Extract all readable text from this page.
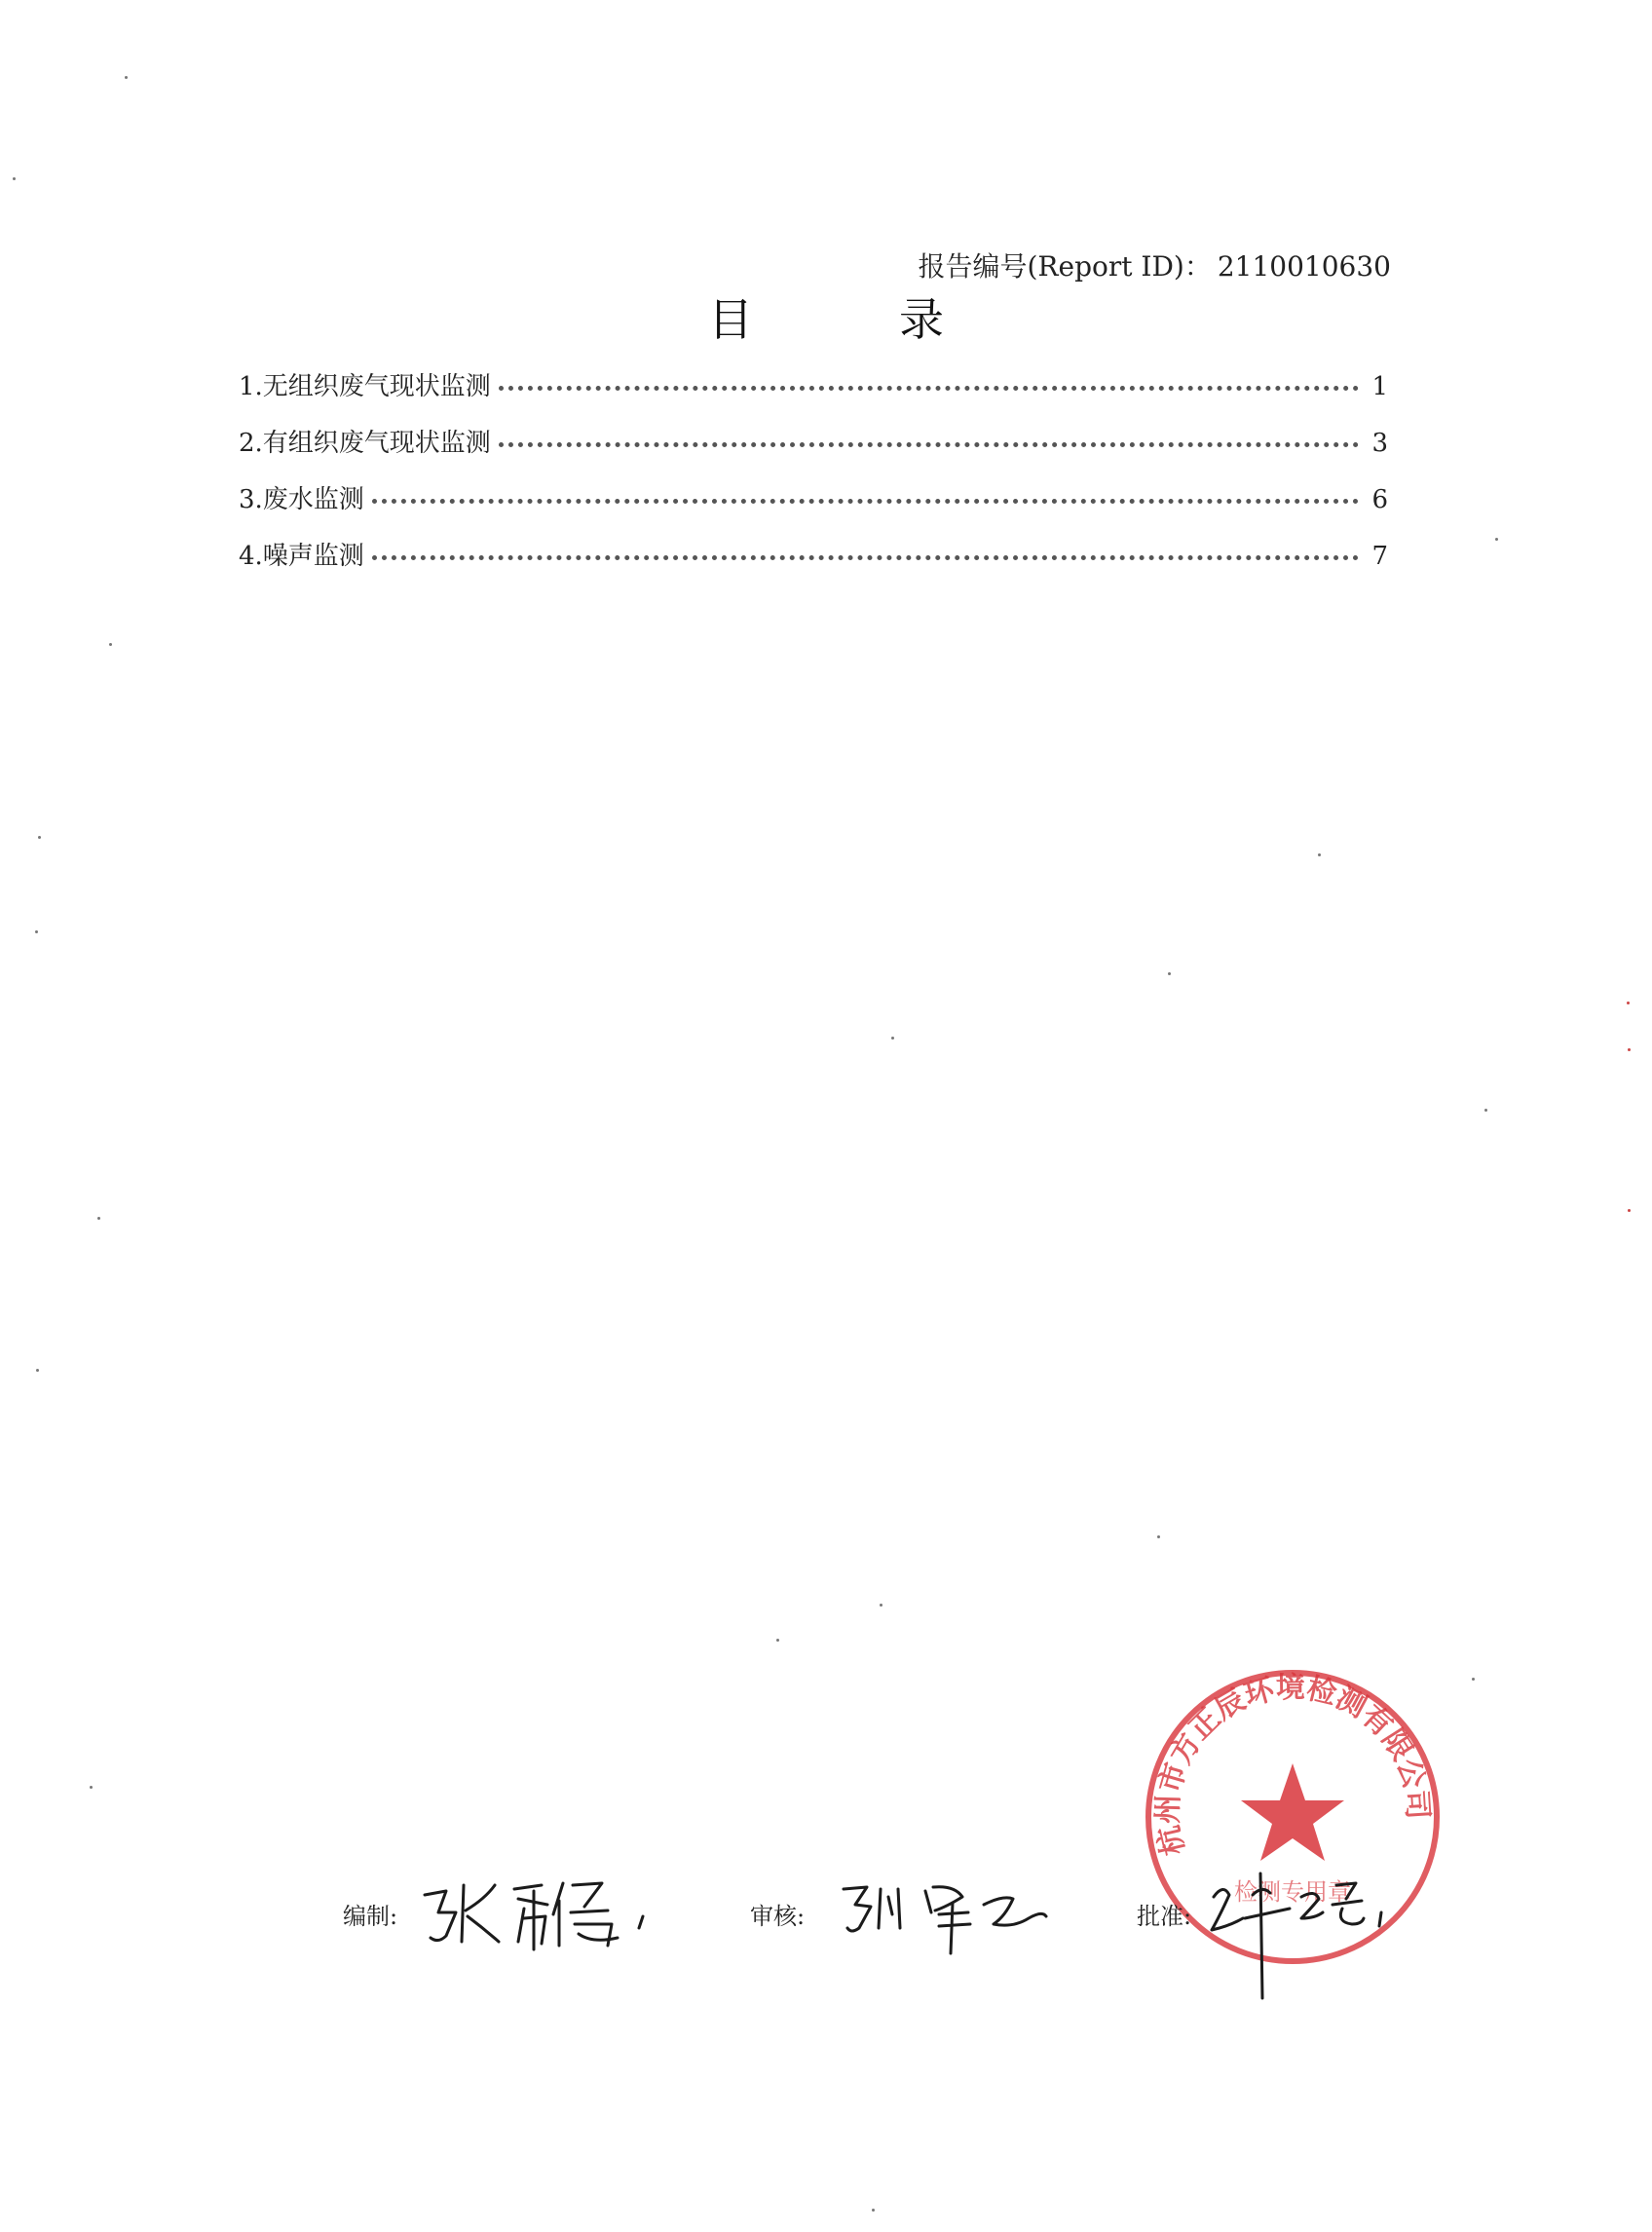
报告编号(Report ID)： 2110010630
目录
1.无组织废气现状监测	1
2.有组织废气现状监测	3
3.废水监测	6
4.噪声监测	7
杭州市方正辰环境检测有限公司
检测专用章
编制:	审核:	批准:
